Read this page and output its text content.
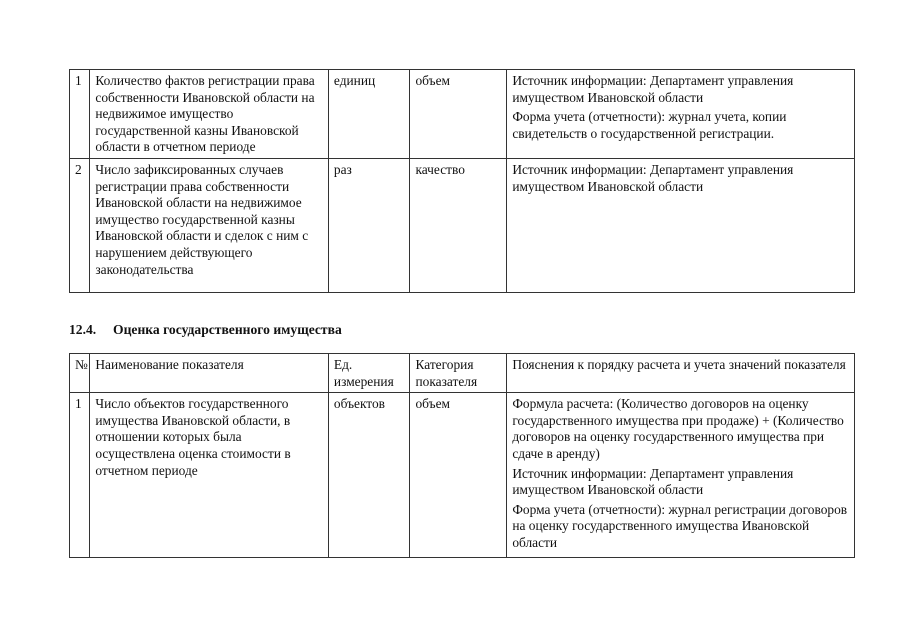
1	Количество фактов регистрации права собственности Ивановской области на недвижимое имущество государственной казны Ивановской области в отчетном периоде	единиц	объем	Источник информации: Департамент управления имуществом Ивановской области

Форма учета (отчетности): журнал учета, копии свидетельств о государственной регистрации.

2	Число зафиксированных случаев регистрации права собственности Ивановской области на недвижимое имущество государственной казны Ивановской области и сделок с ним с нарушением действующего законодательства	раз	качество	Источник информации: Департамент управления имуществом Ивановской области

12.4. Оценка государственного имущества
№	Наименование показателя	Ед. измерения	Категория показателя	Пояснения к порядку расчета и учета значений показателя
1	Число объектов государственного имущества Ивановской области, в отношении которых была осуществлена оценка стоимости в отчетном периоде	объектов	объем	Формула расчета: (Количество договоров на оценку государственного имущества при продаже) + (Количество договоров на оценку государственного имущества при сдаче в аренду)

Источник информации: Департамент управления имуществом Ивановской области

Форма учета (отчетности): журнал регистрации договоров на оценку государственного имущества Ивановской области
